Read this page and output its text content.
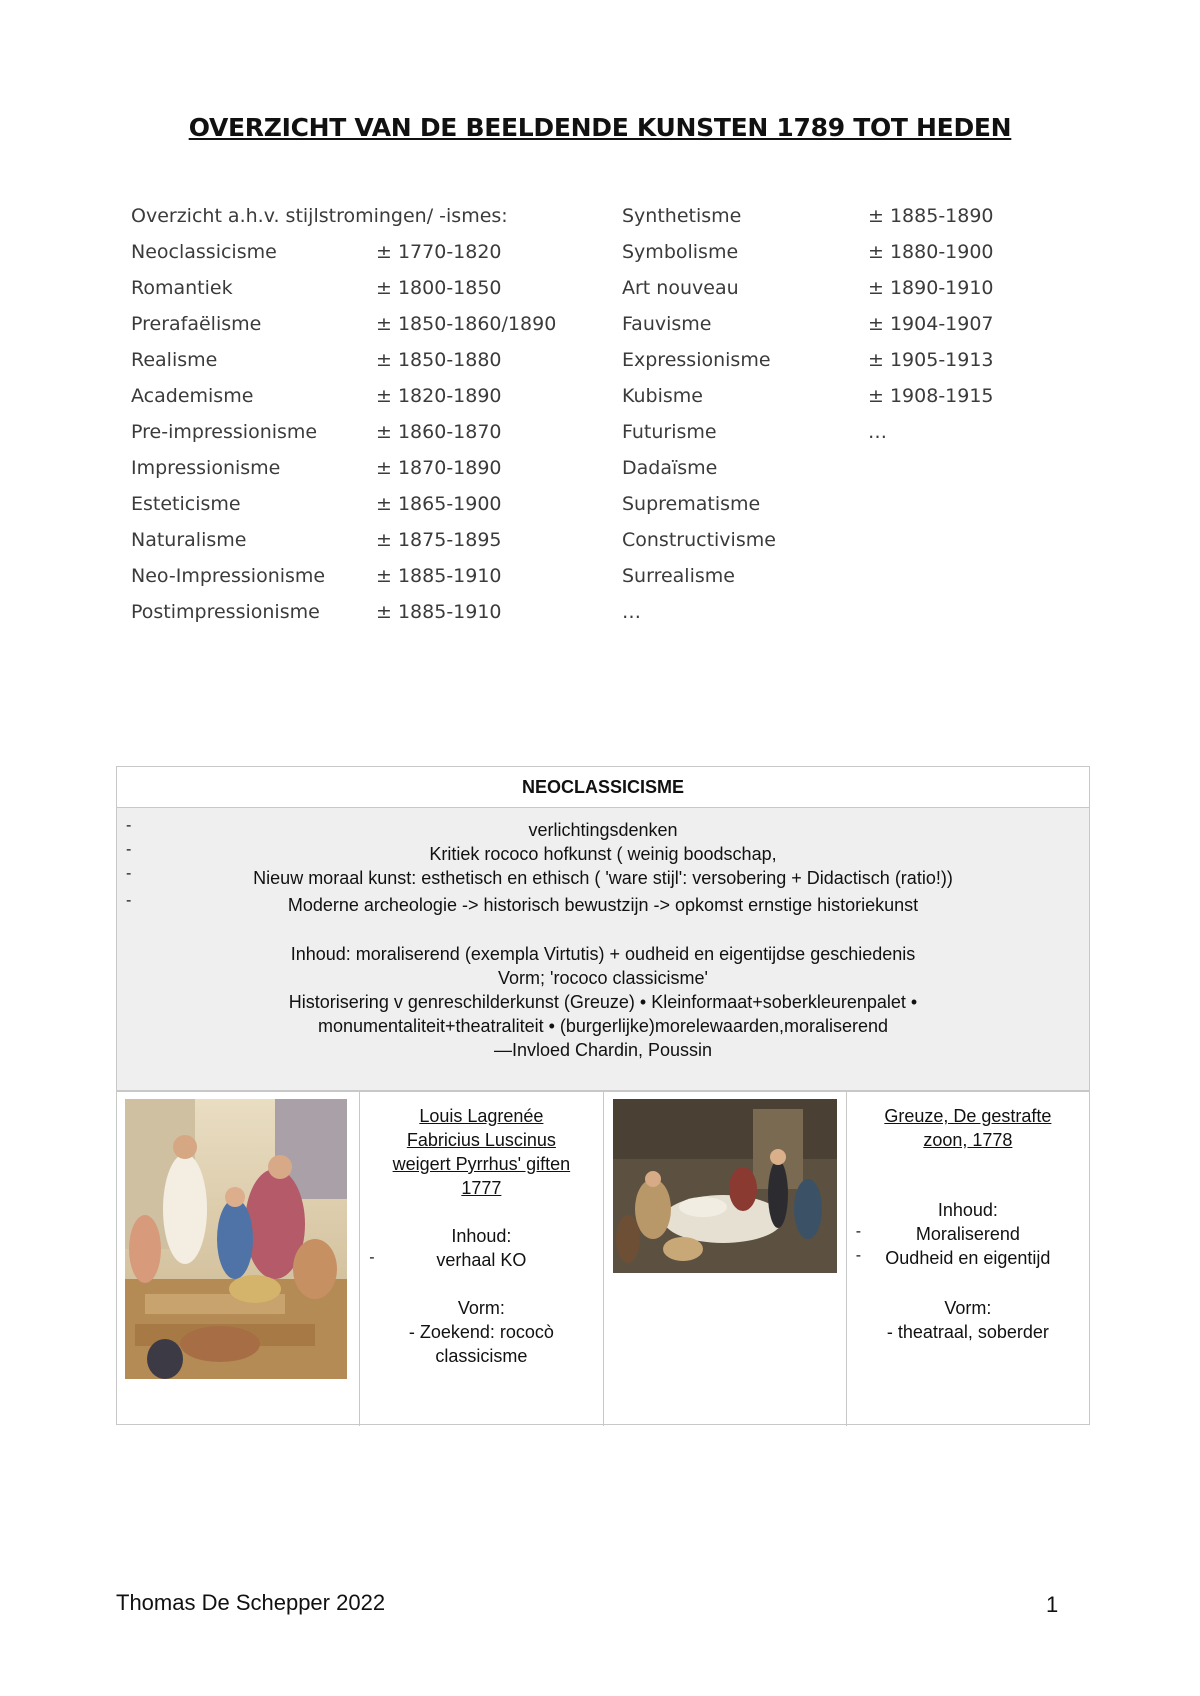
OVERZICHT VAN DE BEELDENDE KUNSTEN 1789 TOT HEDEN
Overzicht a.h.v. stijlstromingen/ -ismes:
Neoclassicisme	± 1770-1820
Romantiek	± 1800-1850
Prerafaëlisme	± 1850-1860/1890
Realisme	± 1850-1880
Academisme	± 1820-1890
Pre-impressionisme	± 1860-1870
Impressionisme	± 1870-1890
Esteticisme	± 1865-1900
Naturalisme	± 1875-1895
Neo-Impressionisme	± 1885-1910
Postimpressionisme	± 1885-1910
Synthetisme	± 1885-1890
Symbolisme	± 1880-1900
Art nouveau	± 1890-1910
Fauvisme	± 1904-1907
Expressionisme	± 1905-1913
Kubisme	± 1908-1915
Futurisme	…
Dadaïsme
Suprematisme
Constructivisme
Surrealisme
…
NEOCLASSICISME
-	verlichtingsdenken
-	Kritiek rococo hofkunst ( weinig boodschap,
-	Nieuw moraal kunst: esthetisch en ethisch ( 'ware stijl': versobering + Didactisch (ratio!))
-	Moderne archeologie -> historisch bewustzijn -> opkomst ernstige historiekunst
Inhoud: moraliserend (exempla Virtutis) + oudheid en eigentijdse geschiedenis
Vorm; 'rococo classicisme'
Historisering v genreschilderkunst (Greuze) • Kleinformaat+soberkleurenpalet •
monumentaliteit+theatraliteit • (burgerlijke)morelewaarden,moraliserend
—Invloed Chardin, Poussin
Louis Lagrenée
Fabricius Luscinus
weigert Pyrrhus' giften
1777
Inhoud:
-	verhaal KO
Vorm:
- Zoekend: rococò
classicisme
Greuze, De gestrafte
zoon, 1778
Inhoud:
-	Moraliserend
- Oudheid en eigentijd
Vorm:
- theatraal, soberder
Thomas De Schepper 2022	1
